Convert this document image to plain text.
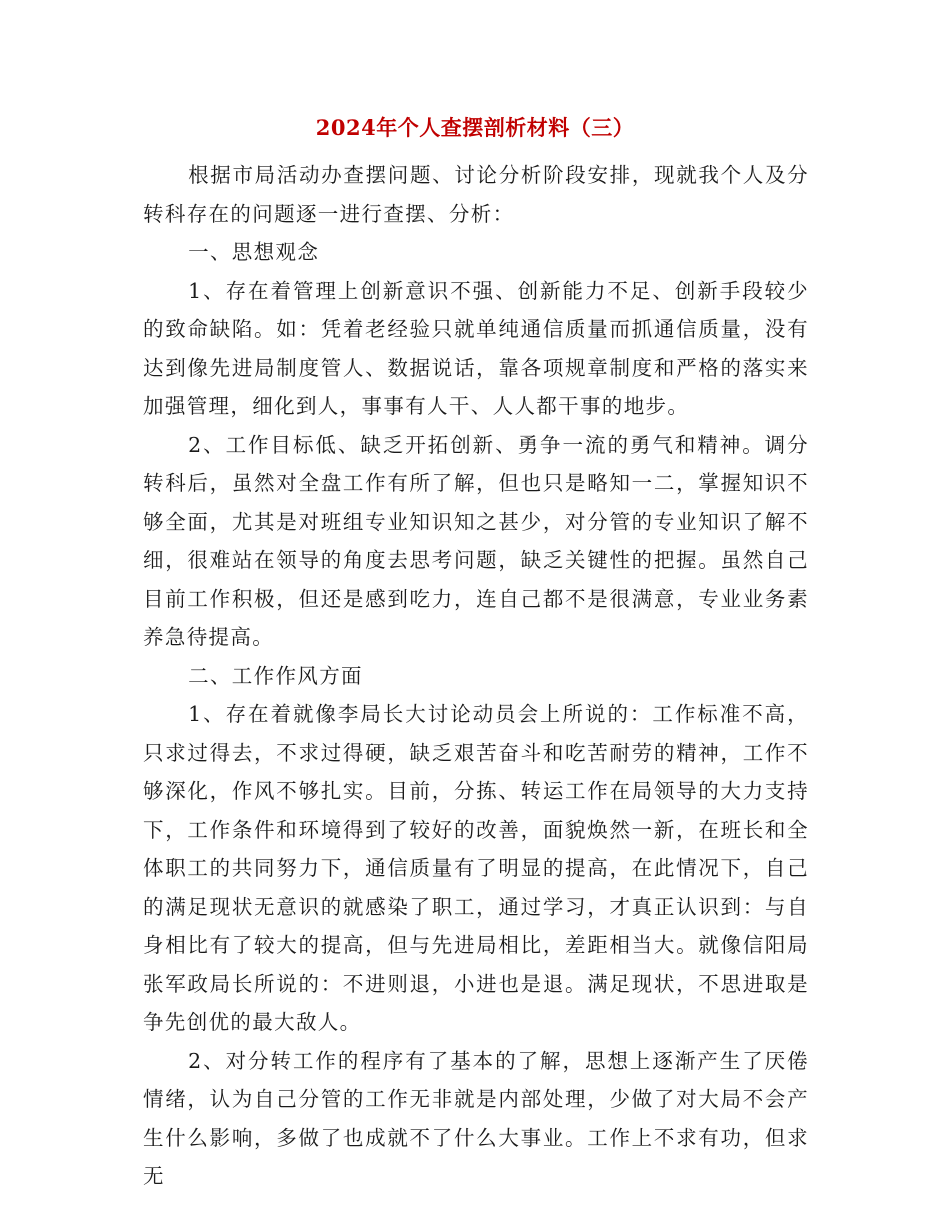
2024年个人查摆剖析材料（三）

根据市局活动办查摆问题、讨论分析阶段安排，现就我个人及分转科存在的问题逐一进行查摆、分析：

一、思想观念

1、存在着管理上创新意识不强、创新能力不足、创新手段较少的致命缺陷。如：凭着老经验只就单纯通信质量而抓通信质量，没有达到像先进局制度管人、数据说话，靠各项规章制度和严格的落实来加强管理，细化到人，事事有人干、人人都干事的地步。

2、工作目标低、缺乏开拓创新、勇争一流的勇气和精神。调分转科后，虽然对全盘工作有所了解，但也只是略知一二，掌握知识不够全面，尤其是对班组专业知识知之甚少，对分管的专业知识了解不细，很难站在领导的角度去思考问题，缺乏关键性的把握。虽然自己目前工作积极，但还是感到吃力，连自己都不是很满意，专业业务素养急待提高。

二、工作作风方面

1、存在着就像李局长大讨论动员会上所说的：工作标准不高，只求过得去，不求过得硬，缺乏艰苦奋斗和吃苦耐劳的精神，工作不够深化，作风不够扎实。目前，分拣、转运工作在局领导的大力支持下，工作条件和环境得到了较好的改善，面貌焕然一新，在班长和全体职工的共同努力下，通信质量有了明显的提高，在此情况下，自己的满足现状无意识的就感染了职工，通过学习，才真正认识到：与自身相比有了较大的提高，但与先进局相比，差距相当大。就像信阳局张军政局长所说的：不进则退，小进也是退。满足现状，不思进取是争先创优的最大敌人。

2、对分转工作的程序有了基本的了解，思想上逐渐产生了厌倦情绪，认为自己分管的工作无非就是内部处理，少做了对大局不会产生什么影响，多做了也成就不了什么大事业。工作上不求有功，但求无
